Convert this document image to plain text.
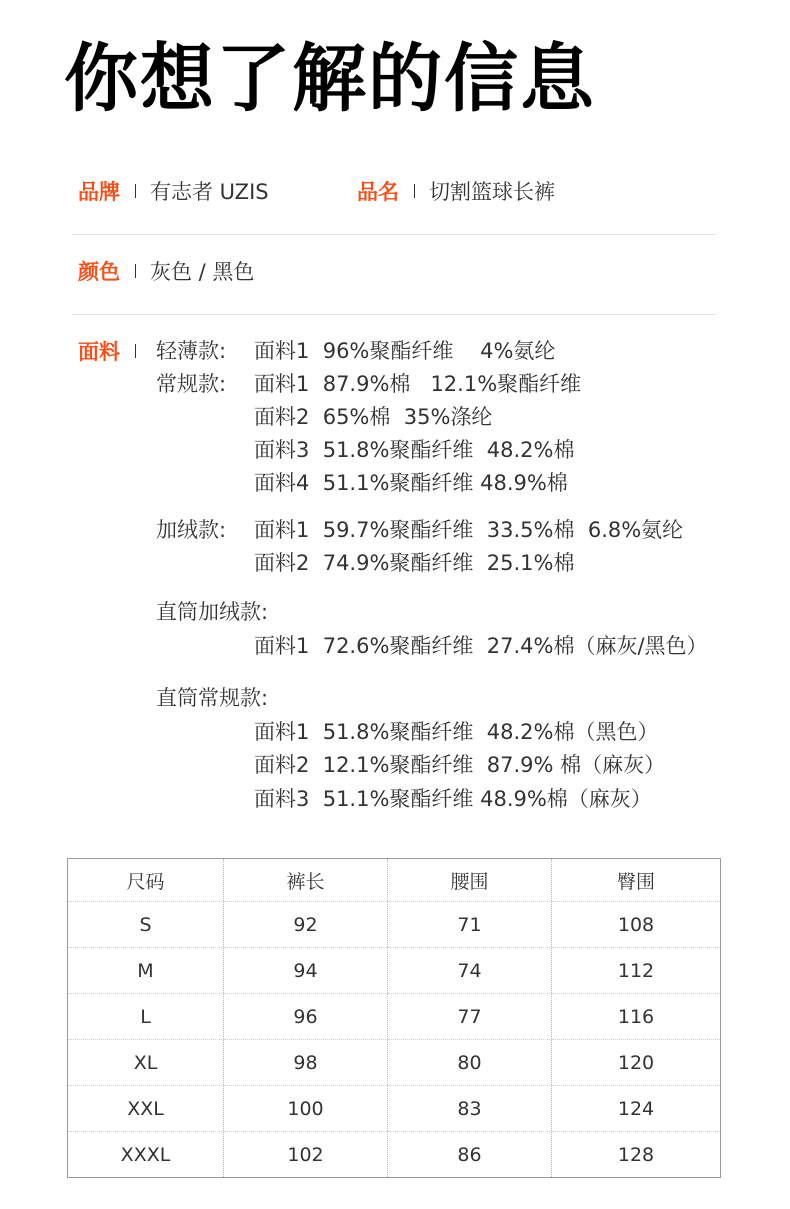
你想了解的信息
品牌 有志者 UZIS	品名 切割篮球长裤
颜色 灰色 / 黑色
面料 轻薄款: 面料1  96%聚酯纤维    4%氨纶
常规款: 面料1  87.9%棉   12.1%聚酯纤维
面料2  65%棉  35%涤纶
面料3  51.8%聚酯纤维  48.2%棉
面料4  51.1%聚酯纤维 48.9%棉
加绒款: 面料1  59.7%聚酯纤维  33.5%棉  6.8%氨纶
面料2  74.9%聚酯纤维  25.1%棉
直筒加绒款:
面料1  72.6%聚酯纤维  27.4%棉（麻灰/黑色）
直筒常规款:
面料1  51.8%聚酯纤维  48.2%棉（黑色）
面料2  12.1%聚酯纤维  87.9% 棉（麻灰）
面料3  51.1%聚酯纤维 48.9%棉（麻灰）
尺码	裤长	腰围	臀围
S	92	71	108
M	94	74	112
L	96	77	116
XL	98	80	120
XXL	100	83	124
XXXL	102	86	128
